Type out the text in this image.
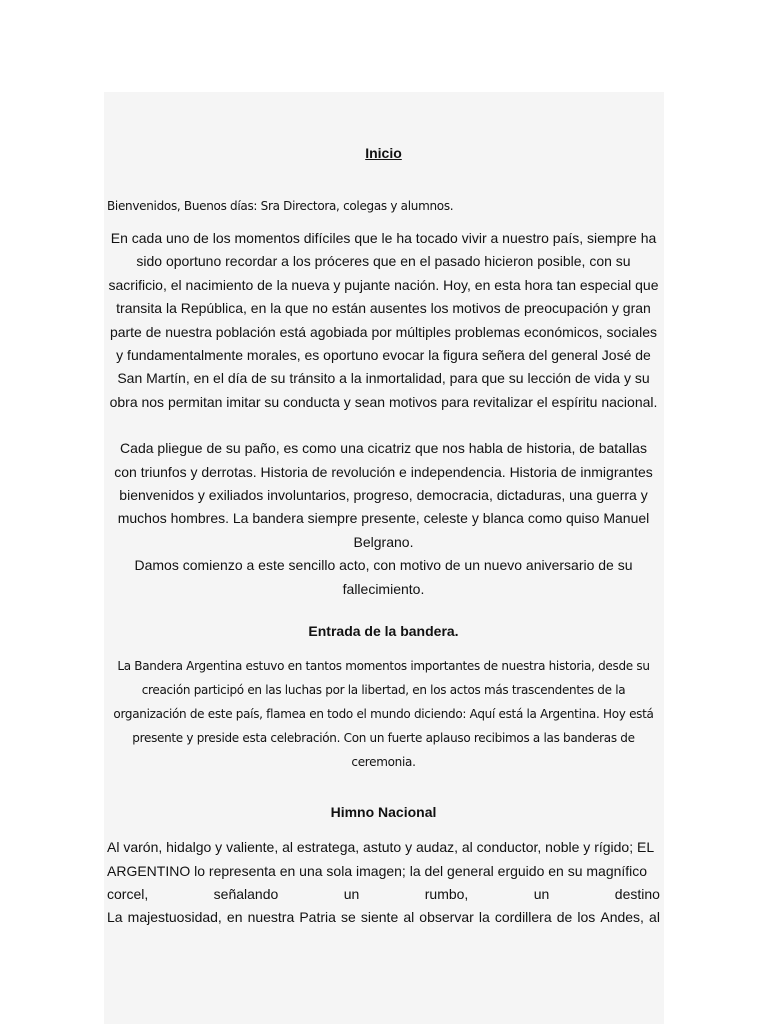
Inicio
Bienvenidos, Buenos días: Sra Directora, colegas y alumnos.

En cada uno de los momentos difíciles que le ha tocado vivir a nuestro país, siempre ha sido oportuno recordar a los próceres que en el pasado hicieron posible, con su sacrificio, el nacimiento de la nueva y pujante nación. Hoy, en esta hora tan especial que transita la República, en la que no están ausentes los motivos de preocupación y gran parte de nuestra población está agobiada por múltiples problemas económicos, sociales y fundamentalmente morales, es oportuno evocar la figura señera del general José de San Martín, en el día de su tránsito a la inmortalidad, para que su lección de vida y su obra nos permitan imitar su conducta y sean motivos para revitalizar el espíritu nacional.

Cada pliegue de su paño, es como una cicatriz que nos habla de historia, de batallas con triunfos y derrotas. Historia de revolución e independencia. Historia de inmigrantes bienvenidos y exiliados involuntarios, progreso, democracia, dictaduras, una guerra y muchos hombres. La bandera siempre presente, celeste y blanca como quiso Manuel Belgrano.

Damos comienzo a este sencillo acto, con motivo de un nuevo aniversario de su fallecimiento.

Entrada de la bandera.
La Bandera Argentina estuvo en tantos momentos importantes de nuestra historia, desde su creación participó en las luchas por la libertad, en los actos más trascendentes de la organización de este país, flamea en todo el mundo diciendo: Aquí está la Argentina. Hoy está presente y preside esta celebración. Con un fuerte aplauso recibimos a las banderas de ceremonia.
Himno Nacional
Al varón, hidalgo y valiente, al estratega, astuto y audaz, al conductor, noble y rígido; EL
ARGENTINO lo representa en una sola imagen; la del general erguido en su magnífico
corcel,	señalando	un	rumbo,	un	destino
La majestuosidad, en nuestra Patria se siente al observar la cordillera de los Andes, al
